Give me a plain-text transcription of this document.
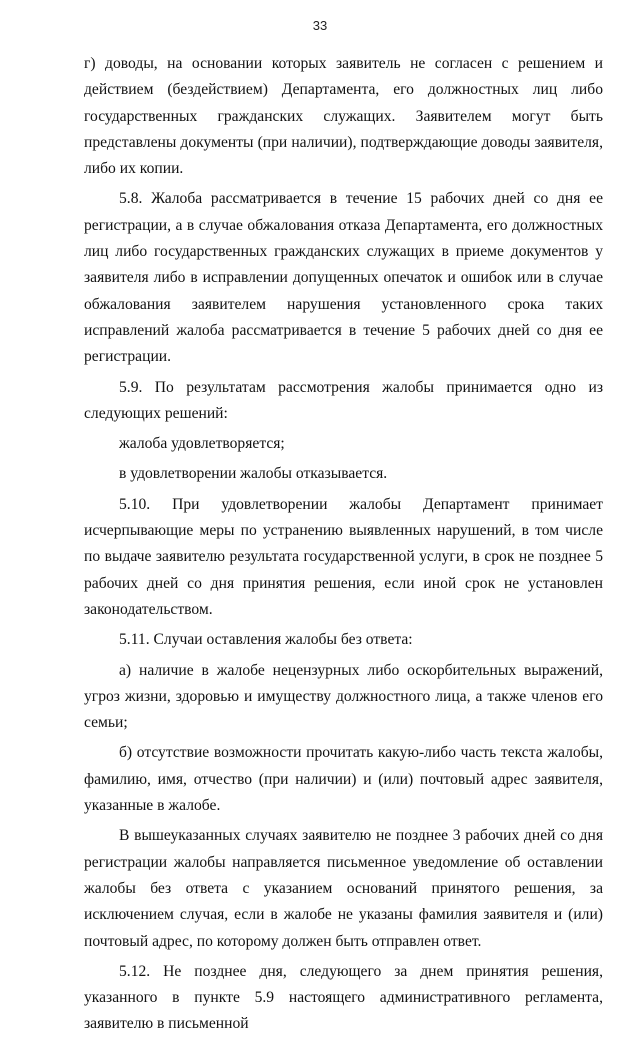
33

г) доводы, на основании которых заявитель не согласен с решением и действием (бездействием) Департамента, его должностных лиц либо государственных гражданских служащих. Заявителем могут быть представлены документы (при наличии), подтверждающие доводы заявителя, либо их копии.

5.8. Жалоба рассматривается в течение 15 рабочих дней со дня ее регистрации, а в случае обжалования отказа Департамента, его должностных лиц либо государственных гражданских служащих в приеме документов у заявителя либо в исправлении допущенных опечаток и ошибок или в случае обжалования заявителем нарушения установленного срока таких исправлений жалоба рассматривается в течение 5 рабочих дней со дня ее регистрации.

5.9. По результатам рассмотрения жалобы принимается одно из следующих решений:

жалоба удовлетворяется;

в удовлетворении жалобы отказывается.

5.10. При удовлетворении жалобы Департамент принимает исчерпывающие меры по устранению выявленных нарушений, в том числе по выдаче заявителю результата государственной услуги, в срок не позднее 5 рабочих дней со дня принятия решения, если иной срок не установлен законодательством.

5.11. Случаи оставления жалобы без ответа:

а) наличие в жалобе нецензурных либо оскорбительных выражений, угроз жизни, здоровью и имуществу должностного лица, а также членов его семьи;

б) отсутствие возможности прочитать какую-либо часть текста жалобы, фамилию, имя, отчество (при наличии) и (или) почтовый адрес заявителя, указанные в жалобе.

В вышеуказанных случаях заявителю не позднее 3 рабочих дней со дня регистрации жалобы направляется письменное уведомление об оставлении жалобы без ответа с указанием оснований принятого решения, за исключением случая, если в жалобе не указаны фамилия заявителя и (или) почтовый адрес, по которому должен быть отправлен ответ.

5.12. Не позднее дня, следующего за днем принятия решения, указанного в пункте 5.9 настоящего административного регламента, заявителю в письменной
